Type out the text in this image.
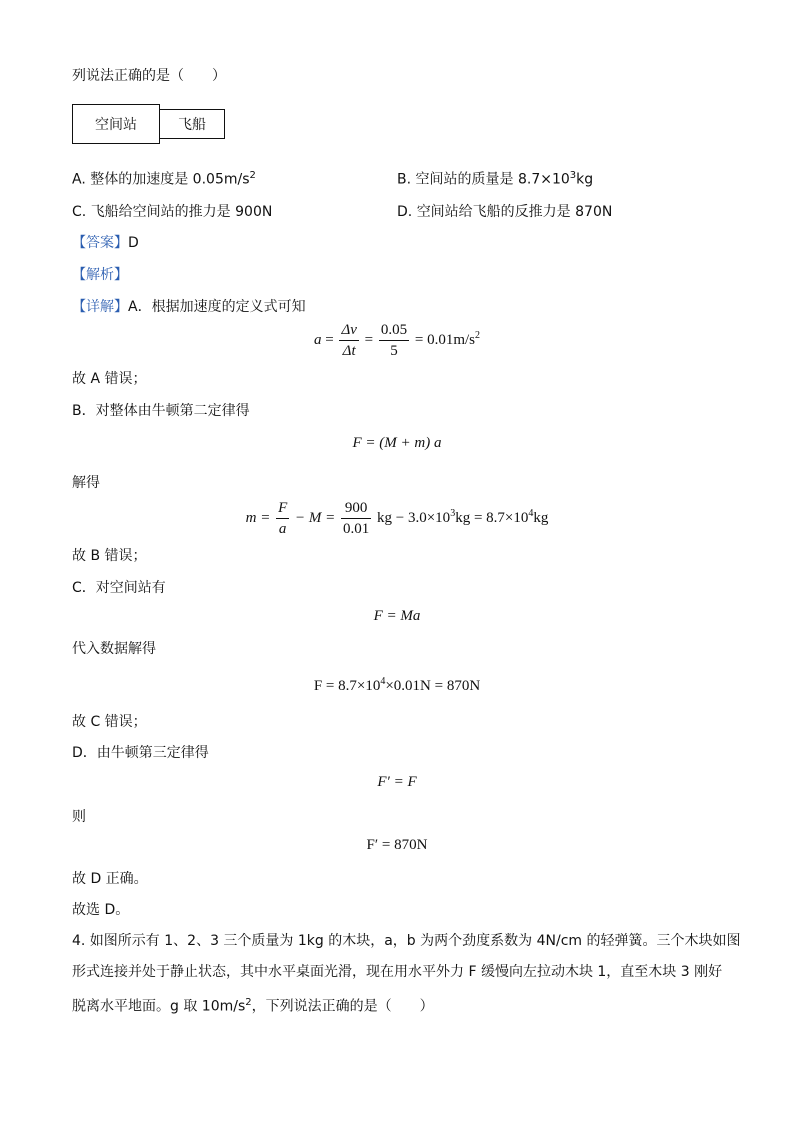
列说法正确的是（　　）
空间站	飞船
A. 整体的加速度是 $0.05m/s^2$	B. 空间站的质量是 $8.7\times 10^3kg$
C. 飞船给空间站的推力是 900N	D. 空间站给飞船的反推力是 870N
【答案】D
【解析】
【详解】A．根据加速度的定义式可知
$a = \frac{\Delta v}{\Delta t} = \frac{0.05}{5} = 0.01m/s^2$
故 A 错误；
B．对整体由牛顿第二定律得
F = (M + m) a
解得
$m = \frac{F}{a} - M = \frac{900}{0.01}$ kg − $3.0\times 10^3kg = 8.7\times 10^4kg$
故 B 错误；
C．对空间站有
F = Ma
代入数据解得
$F = 8.7\times 10^4\times 0.01N = 870N$
故 C 错误；
D．由牛顿第三定律得
F′ = F
则
F′ = 870N
故 D 正确。
故选 D。
4. 如图所示有 1、2、3 三个质量为 1kg 的木块，a，b 为两个劲度系数为 4N/cm 的轻弹簧。三个木块如图
形式连接并处于静止状态，其中水平桌面光滑，现在用水平外力 F 缓慢向左拉动木块 1，直至木块 3 刚好
脱离水平地面。g 取 $10m/s^2$，下列说法正确的是（　　）
